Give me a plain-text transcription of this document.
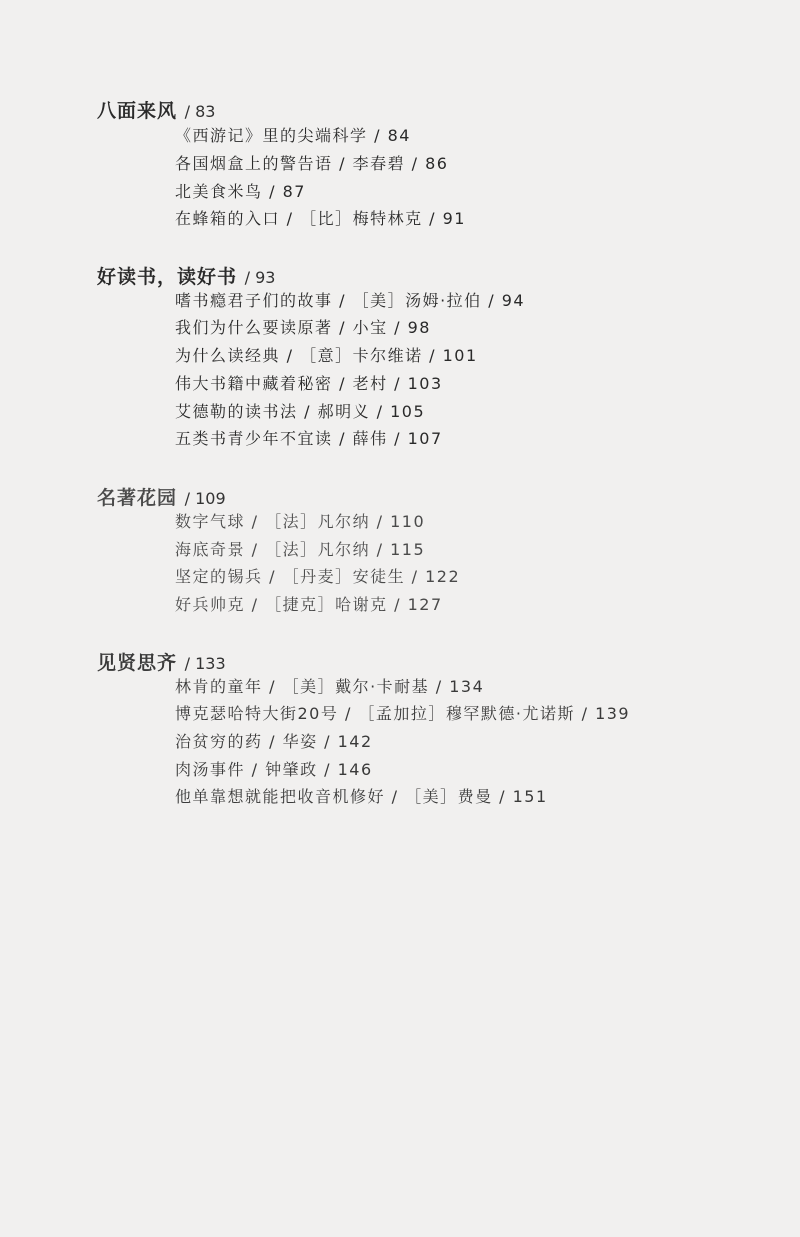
八面来风 / 83
《西游记》里的尖端科学 / 84
各国烟盒上的警告语 / 李春碧 / 86
北美食米鸟 / 87
在蜂箱的入口 / ［比］梅特林克 / 91
好读书，读好书 / 93
嗜书瘾君子们的故事 / ［美］汤姆·拉伯 / 94
我们为什么要读原著 / 小宝 / 98
为什么读经典 / ［意］卡尔维诺 / 101
伟大书籍中藏着秘密 / 老村 / 103
艾德勒的读书法 / 郝明义 / 105
五类书青少年不宜读 / 薛伟 / 107
名著花园 / 109
数字气球 / ［法］凡尔纳 / 110
海底奇景 / ［法］凡尔纳 / 115
坚定的锡兵 / ［丹麦］安徒生 / 122
好兵帅克 / ［捷克］哈谢克 / 127
见贤思齐 / 133
林肯的童年 / ［美］戴尔·卡耐基 / 134
博克瑟哈特大街20号 / ［孟加拉］穆罕默德·尤诺斯 / 139
治贫穷的药 / 华姿 / 142
肉汤事件 / 钟肇政 / 146
他单靠想就能把收音机修好 / ［美］费曼 / 151
